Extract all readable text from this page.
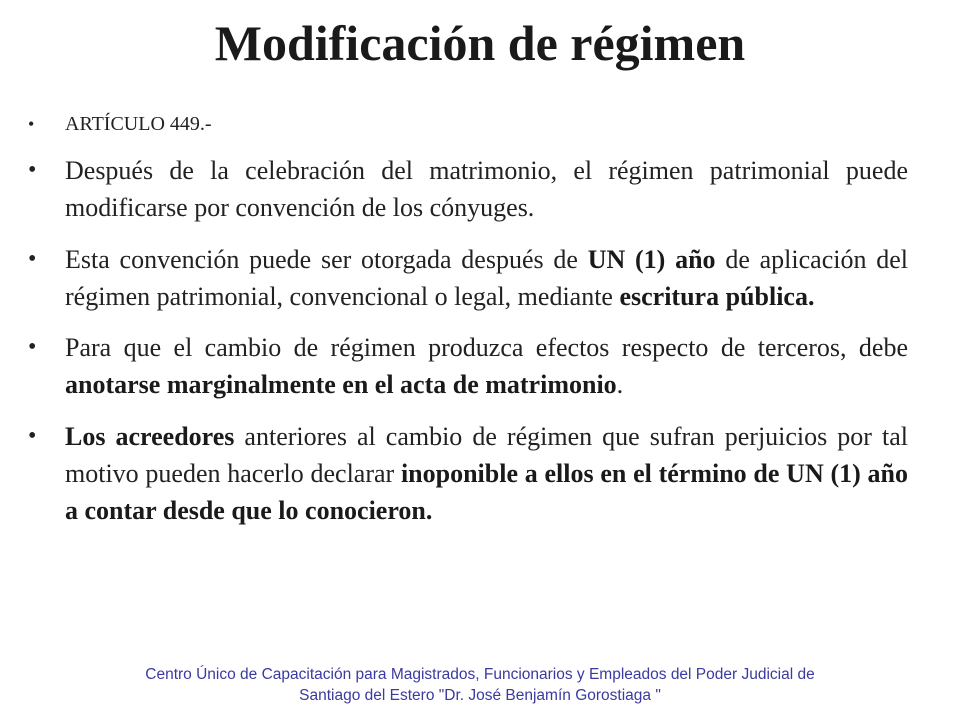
Modificación de régimen
• ARTÍCULO 449.-
• Después de la celebración del matrimonio, el régimen patrimonial puede modificarse por convención de los cónyuges.
• Esta convención puede ser otorgada después de UN (1) año de aplicación del régimen patrimonial, convencional o legal, mediante escritura pública.
• Para que el cambio de régimen produzca efectos respecto de terceros, debe anotarse marginalmente en el acta de matrimonio.
• Los acreedores anteriores al cambio de régimen que sufran perjuicios por tal motivo pueden hacerlo declarar inoponible a ellos en el término de UN (1) año a contar desde que lo conocieron.
Centro Único de Capacitación para Magistrados, Funcionarios y Empleados del Poder Judicial de
Santiago del Estero "Dr. José Benjamín Gorostiaga "
